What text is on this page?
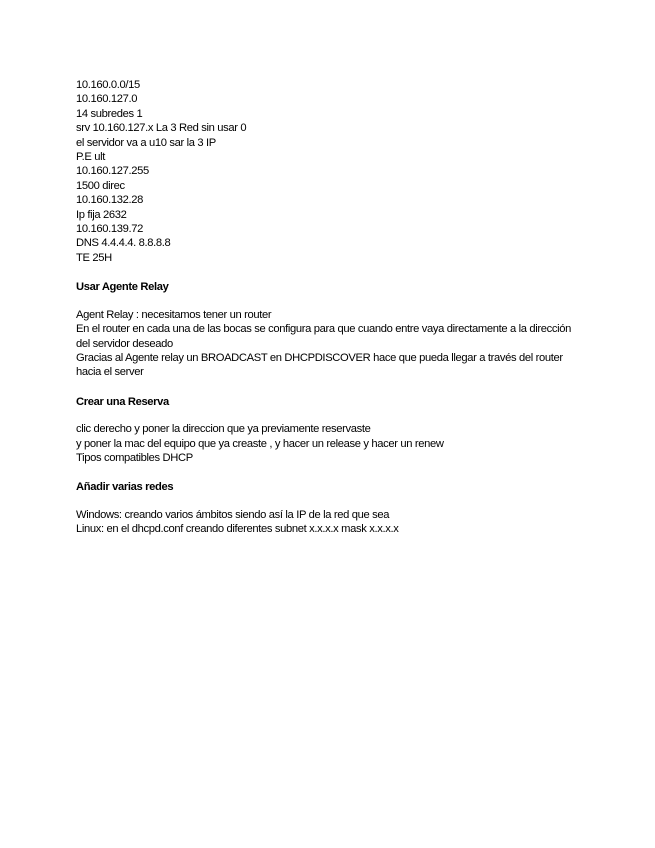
10.160.0.0/15
10.160.127.0
14 subredes 1
srv 10.160.127.x La 3 Red sin usar 0
el servidor va a u10 sar la 3 IP
P.E ult
10.160.127.255
1500 direc
10.160.132.28
Ip fija 2632
10.160.139.72
DNS 4.4.4.4. 8.8.8.8
TE 25H
Usar Agente Relay
Agent Relay : necesitamos tener un router
En el router en cada una de las bocas se configura para que cuando entre vaya directamente a la dirección del servidor deseado
Gracias al Agente relay un BROADCAST en DHCPDISCOVER hace que pueda llegar a través del router hacia el server
Crear una Reserva
clic derecho y poner la direccion que ya previamente reservaste
y poner la mac del equipo que ya creaste , y hacer un release y hacer un renew
Tipos compatibles DHCP
Añadir varias redes
Windows: creando varios ámbitos siendo así la IP de la red que sea
Linux: en el dhcpd.conf creando diferentes subnet x.x.x.x mask x.x.x.x
